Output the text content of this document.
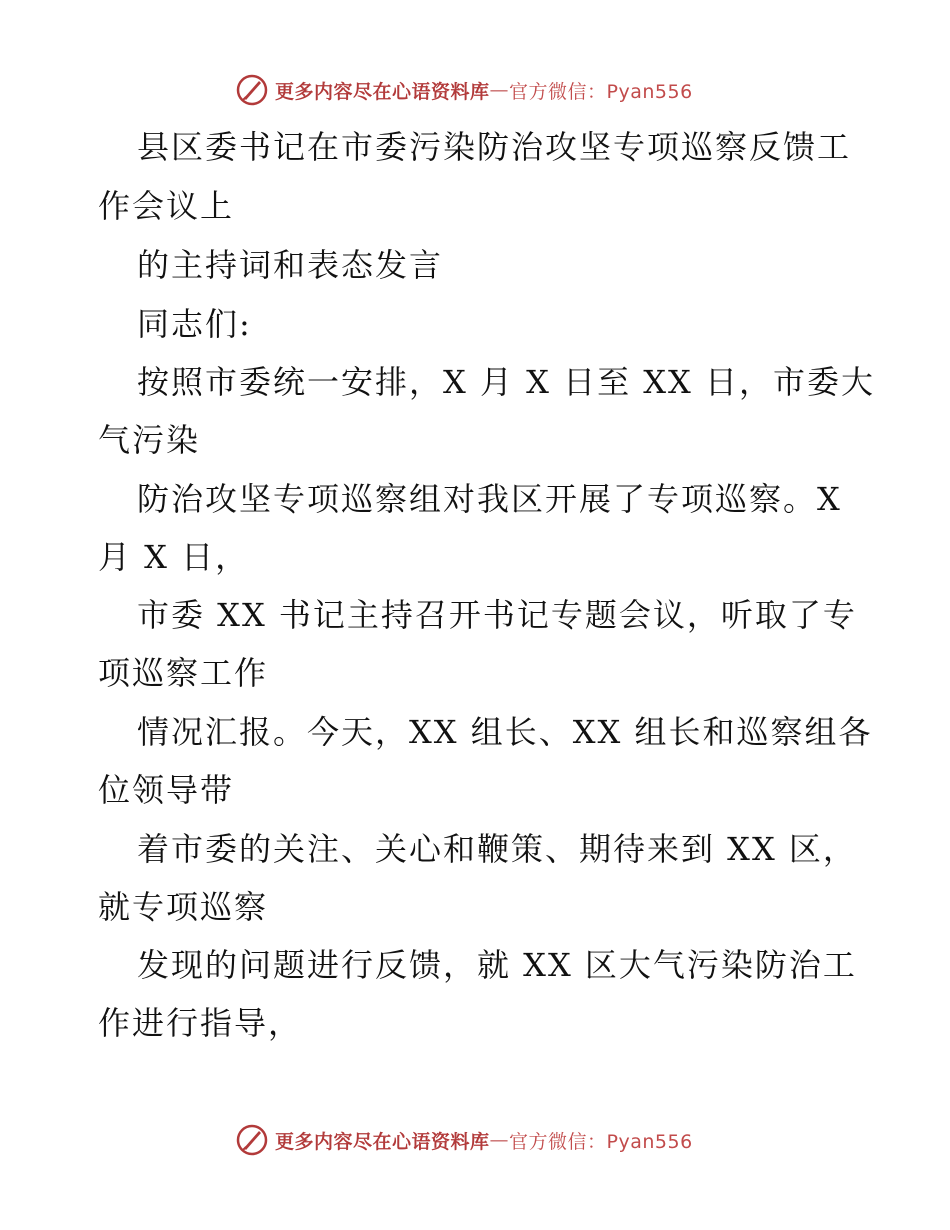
更多内容尽在心语资料库 — 官方微信：Pyan556
县区委书记在市委污染防治攻坚专项巡察反馈工
作会议上
的主持词和表态发言
同志们:
按照市委统一安排，X 月 X 日至 XX 日，市委大
气污染
防治攻坚专项巡察组对我区开展了专项巡察。X
月 X 日，
市委 XX 书记主持召开书记专题会议，听取了专
项巡察工作
情况汇报。今天，XX 组长、XX 组长和巡察组各
位领导带
着市委的关注、关心和鞭策、期待来到 XX 区，
就专项巡察
发现的问题进行反馈，就 XX 区大气污染防治工
作进行指导，
更多内容尽在心语资料库 — 官方微信：Pyan556
